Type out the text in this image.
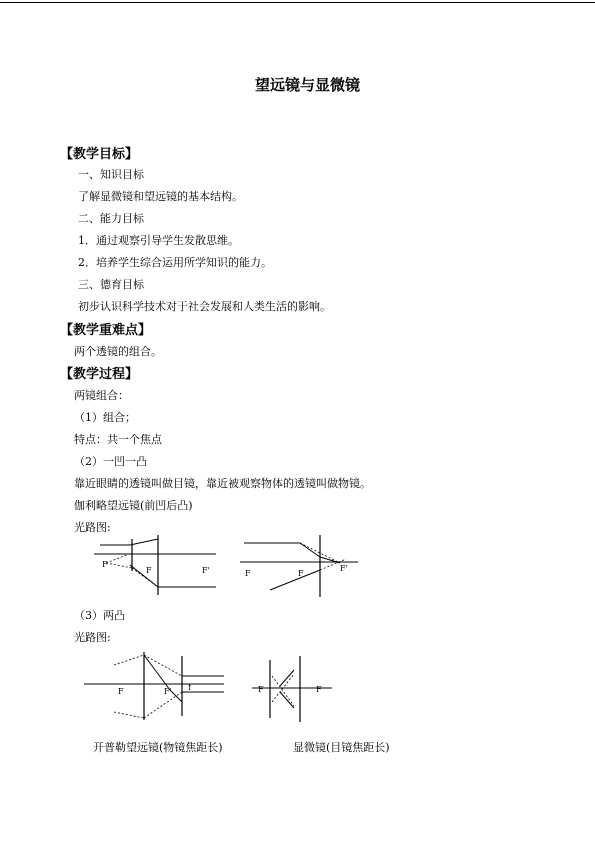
望远镜与显微镜
【教学目标】
一、知识目标
了解显微镜和望远镜的基本结构。
二、能力目标
1．通过观察引导学生发散思维。
2．培养学生综合运用所学知识的能力。
三、德育目标
初步认识科学技术对于社会发展和人类生活的影响。
【教学重难点】
两个透镜的组合。
【教学过程】
两镜组合：
（1）组合；
特点：共一个焦点
（2）一凹一凸
靠近眼睛的透镜叫做目镜，靠近被观察物体的透镜叫做物镜。
伽利略望远镜(前凹后凸)
光路图:
F
F	F'	F	F
F'
（3）两凸
光路图:
F	F' f	F	F
开普勒望远镜(物镜焦距长)	显微镜(目镜焦距长)
